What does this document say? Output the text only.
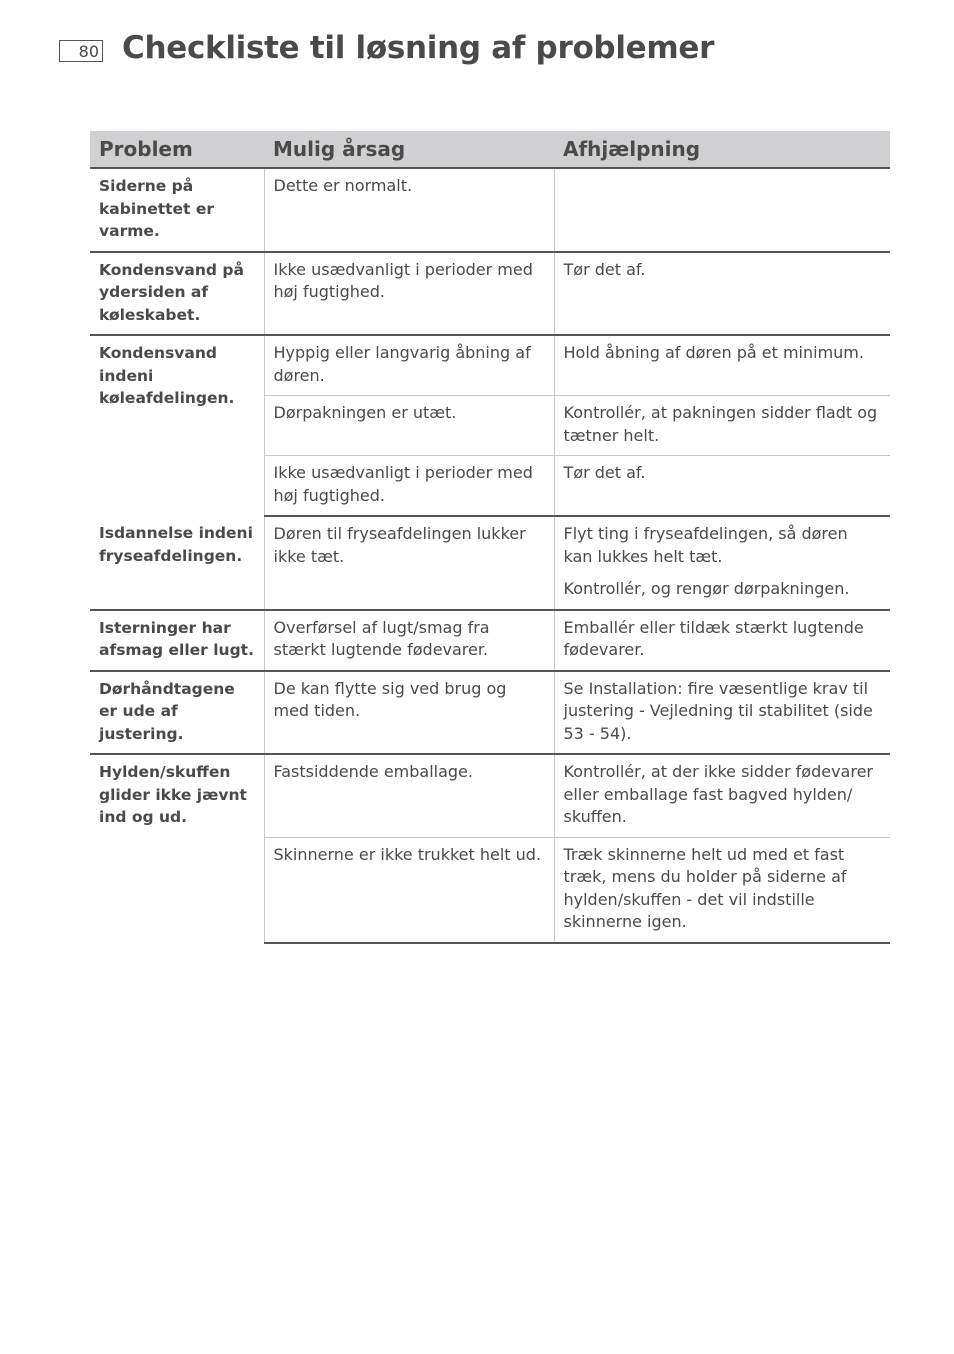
80 Checkliste til løsning af problemer
Problem	Mulig årsag	Afhjælpning
Siderne på kabinettet er varme.	Dette er normalt.	

Kondensvand på ydersiden af køleskabet.	Ikke usædvanligt i perioder med høj fugtighed.	Tør det af.

Kondensvand indeni køleafdelingen.	Hyppig eller langvarig åbning af døren.	Hold åbning af døren på et minimum.

	Dørpakningen er utæt.	Kontrollér, at pakningen sidder fladt og tætner helt.

	Ikke usædvanligt i perioder med høj fugtighed.	Tør det af.

Isdannelse indeni fryseafdelingen.	Døren til fryseafdelingen lukker ikke tæt.	Flyt ting i fryseafdelingen, så døren kan lukkes helt tæt.
Kontrollér, og rengør dørpakningen.

Isterninger har afsmag eller lugt.	Overførsel af lugt/smag fra stærkt lugtende fødevarer.	Emballér eller tildæk stærkt lugtende fødevarer.

Dørhåndtagene er ude af justering.	De kan flytte sig ved brug og med tiden.	Se Installation: fire væsentlige krav til justering - Vejledning til stabilitet (side 53 - 54).

Hylden/skuffen glider ikke jævnt ind og ud.	Fastsiddende emballage.	Kontrollér, at der ikke sidder fødevarer eller emballage fast bagved hylden/ skuffen.

	Skinnerne er ikke trukket helt ud.	Træk skinnerne helt ud med et fast træk, mens du holder på siderne af hylden/skuffen - det vil indstille skinnerne igen.
